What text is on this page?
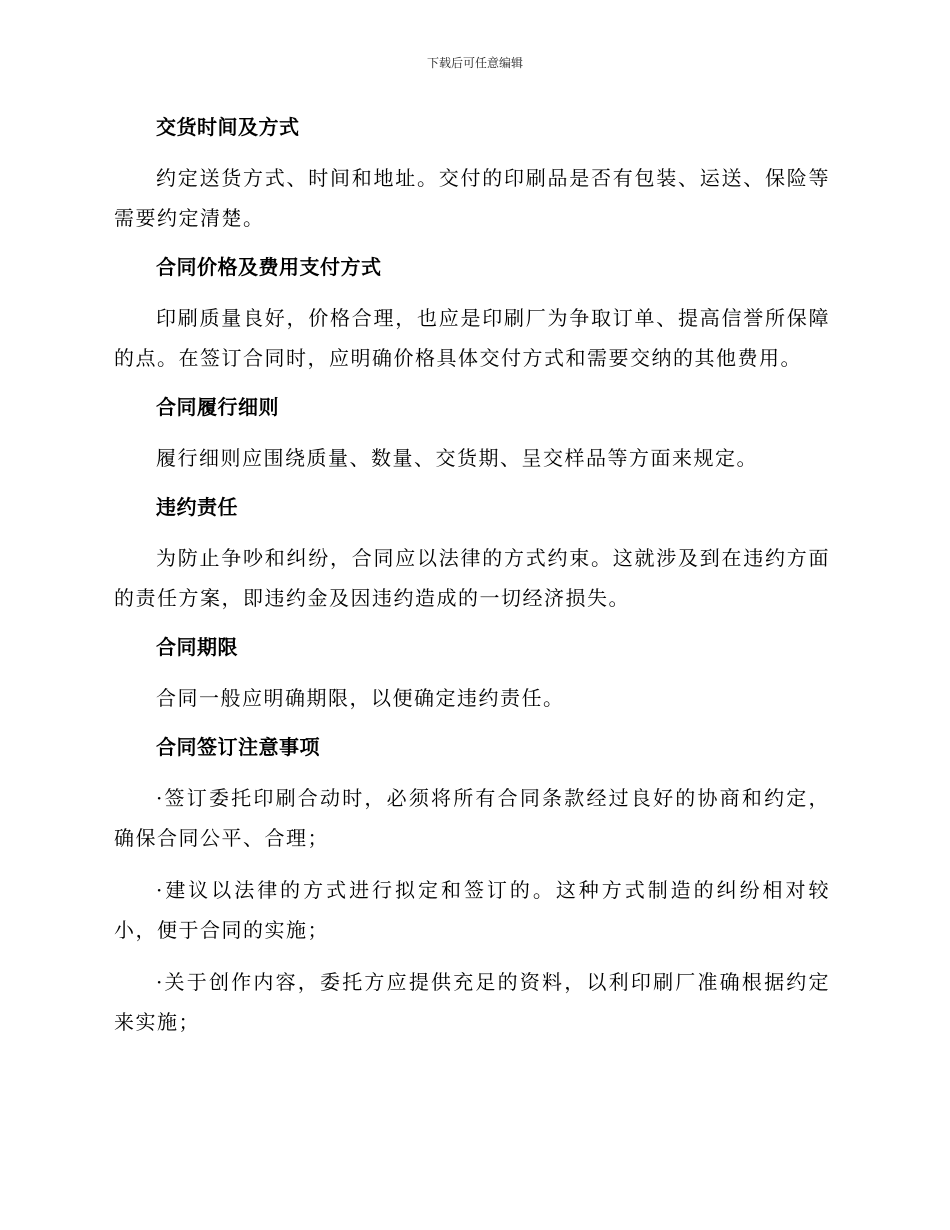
下载后可任意编辑
交货时间及方式

约定送货方式、时间和地址。交付的印刷品是否有包装、运送、保险等需要约定清楚。

合同价格及费用支付方式

印刷质量良好，价格合理，也应是印刷厂为争取订单、提高信誉所保障的点。在签订合同时，应明确价格具体交付方式和需要交纳的其他费用。

合同履行细则

履行细则应围绕质量、数量、交货期、呈交样品等方面来规定。

违约责任

为防止争吵和纠纷，合同应以法律的方式约束。这就涉及到在违约方面的责任方案，即违约金及因违约造成的一切经济损失。

合同期限

合同一般应明确期限，以便确定违约责任。

合同签订注意事项

·签订委托印刷合动时，必须将所有合同条款经过良好的协商和约定，确保合同公平、合理；

·建议以法律的方式进行拟定和签订的。这种方式制造的纠纷相对较小，便于合同的实施；

·关于创作内容，委托方应提供充足的资料，以利印刷厂准确根据约定来实施；
